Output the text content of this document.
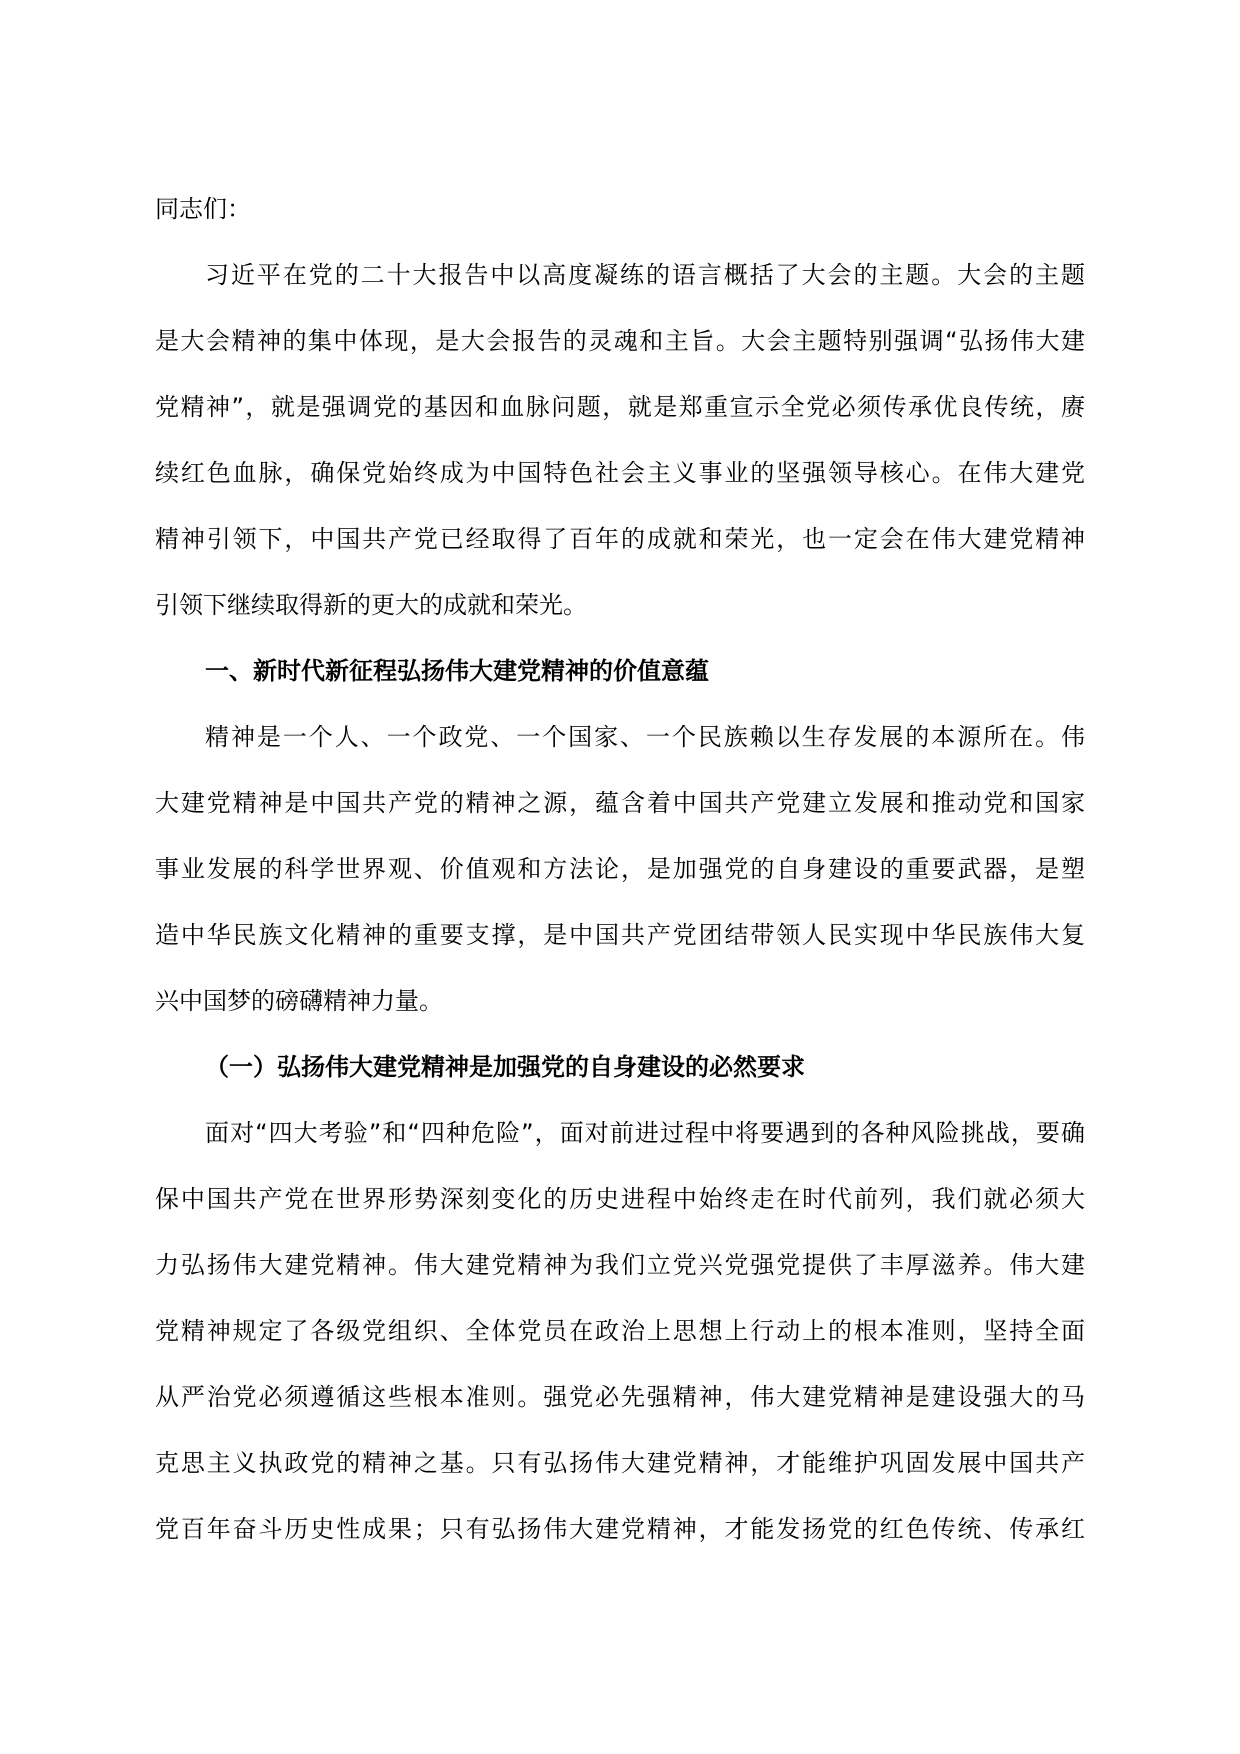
同志们：
习近平在党的二十大报告中以高度凝练的语言概括了大会的主题。大会的主题
是大会精神的集中体现，是大会报告的灵魂和主旨。大会主题特别强调“弘扬伟大建
党精神”，就是强调党的基因和血脉问题，就是郑重宣示全党必须传承优良传统，赓
续红色血脉，确保党始终成为中国特色社会主义事业的坚强领导核心。在伟大建党
精神引领下，中国共产党已经取得了百年的成就和荣光，也一定会在伟大建党精神
引领下继续取得新的更大的成就和荣光。
一、新时代新征程弘扬伟大建党精神的价值意蕴
精神是一个人、一个政党、一个国家、一个民族赖以生存发展的本源所在。伟
大建党精神是中国共产党的精神之源，蕴含着中国共产党建立发展和推动党和国家
事业发展的科学世界观、价值观和方法论，是加强党的自身建设的重要武器，是塑
造中华民族文化精神的重要支撑，是中国共产党团结带领人民实现中华民族伟大复
兴中国梦的磅礴精神力量。
（一）弘扬伟大建党精神是加强党的自身建设的必然要求
面对“四大考验”和“四种危险”，面对前进过程中将要遇到的各种风险挑战，要确
保中国共产党在世界形势深刻变化的历史进程中始终走在时代前列，我们就必须大
力弘扬伟大建党精神。伟大建党精神为我们立党兴党强党提供了丰厚滋养。伟大建
党精神规定了各级党组织、全体党员在政治上思想上行动上的根本准则，坚持全面
从严治党必须遵循这些根本准则。强党必先强精神，伟大建党精神是建设强大的马
克思主义执政党的精神之基。只有弘扬伟大建党精神，才能维护巩固发展中国共产
党百年奋斗历史性成果；只有弘扬伟大建党精神，才能发扬党的红色传统、传承红
